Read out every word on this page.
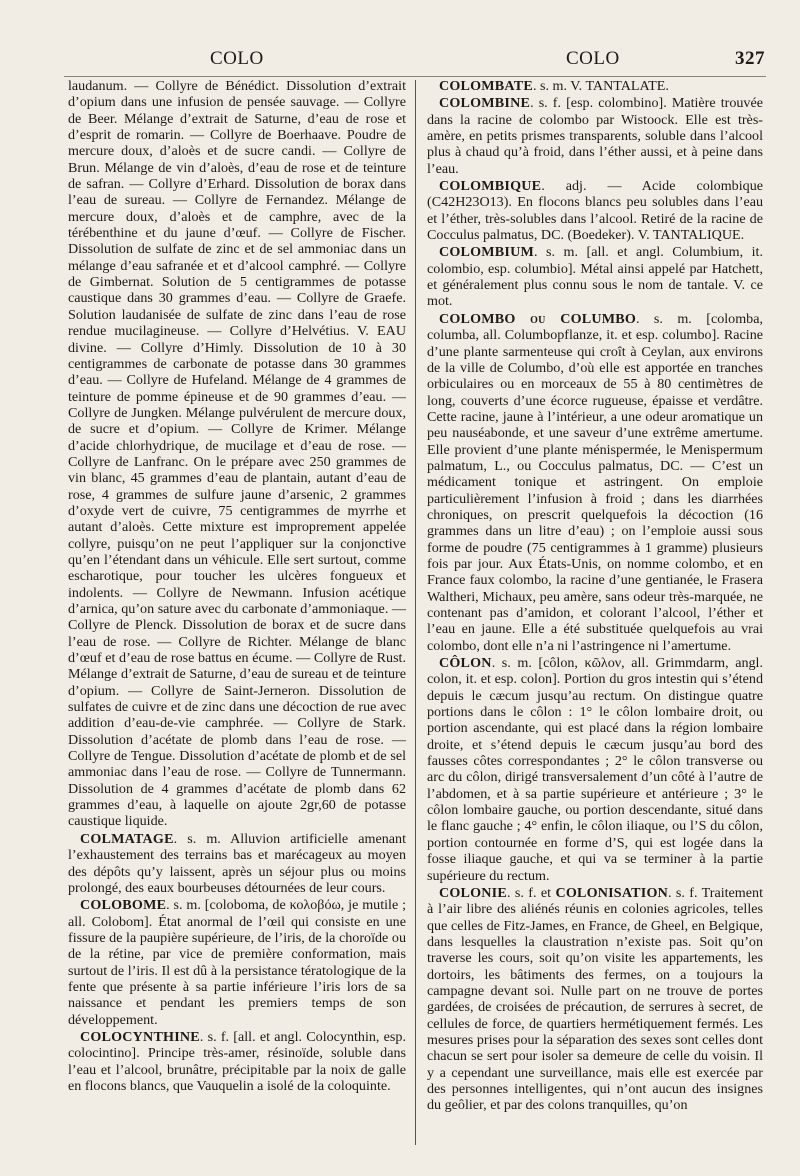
COLO	COLO	327

laudanum. — Collyre de Bénédict. Dissolution d’extrait d’opium dans une infusion de pensée sauvage. — Collyre de Beer. Mélange d’extrait de Saturne, d’eau de rose et d’esprit de romarin. — Collyre de Boerhaave. Poudre de mercure doux, d’aloès et de sucre candi. — Collyre de Brun. Mélange de vin d’aloès, d’eau de rose et de teinture de safran. — Collyre d’Erhard. Dissolution de borax dans l’eau de sureau. — Collyre de Fernandez. Mélange de mercure doux, d’aloès et de camphre, avec de la térébenthine et du jaune d’œuf. — Collyre de Fischer. Dissolution de sulfate de zinc et de sel ammoniac dans un mélange d’eau safranée et et d’alcool camphré. — Collyre de Gimbernat. Solution de 5 centigrammes de potasse caustique dans 30 grammes d’eau. — Collyre de Graefe. Solution laudanisée de sulfate de zinc dans l’eau de rose rendue mucilagineuse. — Collyre d’Helvétius. V. EAU divine. — Collyre d’Himly. Dissolution de 10 à 30 centigrammes de carbonate de potasse dans 30 grammes d’eau. — Collyre de Hufeland. Mélange de 4 grammes de teinture de pomme épineuse et de 90 grammes d’eau. — Collyre de Jungken. Mélange pulvérulent de mercure doux, de sucre et d’opium. — Collyre de Krimer. Mélange d’acide chlorhydrique, de mucilage et d’eau de rose. — Collyre de Lanfranc. On le prépare avec 250 grammes de vin blanc, 45 grammes d’eau de plantain, autant d’eau de rose, 4 grammes de sulfure jaune d’arsenic, 2 grammes d’oxyde vert de cuivre, 75 centigrammes de myrrhe et autant d’aloès. Cette mixture est improprement appelée collyre, puisqu’on ne peut l’appliquer sur la conjonctive qu’en l’étendant dans un véhicule. Elle sert surtout, comme escharotique, pour toucher les ulcères fongueux et indolents. — Collyre de Newmann. Infusion acétique d’arnica, qu’on sature avec du carbonate d’ammoniaque. — Collyre de Plenck. Dissolution de borax et de sucre dans l’eau de rose. — Collyre de Richter. Mélange de blanc d’œuf et d’eau de rose battus en écume. — Collyre de Rust. Mélange d’extrait de Saturne, d’eau de sureau et de teinture d’opium. — Collyre de Saint-Jerneron. Dissolution de sulfates de cuivre et de zinc dans une décoction de rue avec addition d’eau-de-vie camphrée. — Collyre de Stark. Dissolution d’acétate de plomb dans l’eau de rose. — Collyre de Tengue. Dissolution d’acétate de plomb et de sel ammoniac dans l’eau de rose. — Collyre de Tunnermann. Dissolution de 4 grammes d’acétate de plomb dans 62 grammes d’eau, à laquelle on ajoute 2gr,60 de potasse caustique liquide.

COLMATAGE. s. m. Alluvion artificielle amenant l’exhaustement des terrains bas et marécageux au moyen des dépôts qu’y laissent, après un séjour plus ou moins prolongé, des eaux bourbeuses détournées de leur cours.

COLOBOME. s. m. [coloboma, de κολοβόω, je mutile ; all. Colobom]. État anormal de l’œil qui consiste en une fissure de la paupière supérieure, de l’iris, de la choroïde ou de la rétine, par vice de première conformation, mais surtout de l’iris. Il est dû à la persistance tératologique de la fente que présente à sa partie inférieure l’iris lors de sa naissance et pendant les premiers temps de son développement.

COLOCYNTHINE. s. f. [all. et angl. Colocynthin, esp. colocintino]. Principe très-amer, résinoïde, soluble dans l’eau et l’alcool, brunâtre, précipitable par la noix de galle en flocons blancs, que Vauquelin a isolé de la coloquinte.

COLOMBATE. s. m. V. TANTALATE.

COLOMBINE. s. f. [esp. colombino]. Matière trouvée dans la racine de colombo par Wistoock. Elle est très-amère, en petits prismes transparents, soluble dans l’alcool plus à chaud qu’à froid, dans l’éther aussi, et à peine dans l’eau.

COLOMBIQUE. adj. — Acide colombique (C42H23O13). En flocons blancs peu solubles dans l’eau et l’éther, très-solubles dans l’alcool. Retiré de la racine de Cocculus palmatus, DC. (Boedeker). V. TANTALIQUE.

COLOMBIUM. s. m. [all. et angl. Columbium, it. colombio, esp. columbio]. Métal ainsi appelé par Hatchett, et généralement plus connu sous le nom de tantale. V. ce mot.

COLOMBO ou COLUMBO. s. m. [colomba, columba, all. Columbopflanze, it. et esp. columbo]. Racine d’une plante sarmenteuse qui croît à Ceylan, aux environs de la ville de Columbo, d’où elle est apportée en tranches orbiculaires ou en morceaux de 55 à 80 centimètres de long, couverts d’une écorce rugueuse, épaisse et verdâtre. Cette racine, jaune à l’intérieur, a une odeur aromatique un peu nauséabonde, et une saveur d’une extrême amertume. Elle provient d’une plante ménispermée, le Menispermum palmatum, L., ou Cocculus palmatus, DC. — C’est un médicament tonique et astringent. On emploie particulièrement l’infusion à froid ; dans les diarrhées chroniques, on prescrit quelquefois la décoction (16 grammes dans un litre d’eau) ; on l’emploie aussi sous forme de poudre (75 centigrammes à 1 gramme) plusieurs fois par jour. Aux États-Unis, on nomme colombo, et en France faux colombo, la racine d’une gentianée, le Frasera Waltheri, Michaux, peu amère, sans odeur très-marquée, ne contenant pas d’amidon, et colorant l’alcool, l’éther et l’eau en jaune. Elle a été substituée quelquefois au vrai colombo, dont elle n’a ni l’astringence ni l’amertume.

CÔLON. s. m. [côlon, κῶλον, all. Grimmdarm, angl. colon, it. et esp. colon]. Portion du gros intestin qui s’étend depuis le cæcum jusqu’au rectum. On distingue quatre portions dans le côlon : 1° le côlon lombaire droit, ou portion ascendante, qui est placé dans la région lombaire droite, et s’étend depuis le cæcum jusqu’au bord des fausses côtes correspondantes ; 2° le côlon transverse ou arc du côlon, dirigé transversalement d’un côté à l’autre de l’abdomen, et à sa partie supérieure et antérieure ; 3° le côlon lombaire gauche, ou portion descendante, situé dans le flanc gauche ; 4° enfin, le côlon iliaque, ou l’S du côlon, portion contournée en forme d’S, qui est logée dans la fosse iliaque gauche, et qui va se terminer à la partie supérieure du rectum.

COLONIE. s. f. et COLONISATION. s. f. Traitement à l’air libre des aliénés réunis en colonies agricoles, telles que celles de Fitz-James, en France, de Gheel, en Belgique, dans lesquelles la claustration n’existe pas. Soit qu’on traverse les cours, soit qu’on visite les appartements, les dortoirs, les bâtiments des fermes, on a toujours la campagne devant soi. Nulle part on ne trouve de portes gardées, de croisées de précaution, de serrures à secret, de cellules de force, de quartiers hermétiquement fermés. Les mesures prises pour la séparation des sexes sont celles dont chacun se sert pour isoler sa demeure de celle du voisin. Il y a cependant une surveillance, mais elle est exercée par des personnes intelligentes, qui n’ont aucun des insignes du geôlier, et par des colons tranquilles, qu’on
